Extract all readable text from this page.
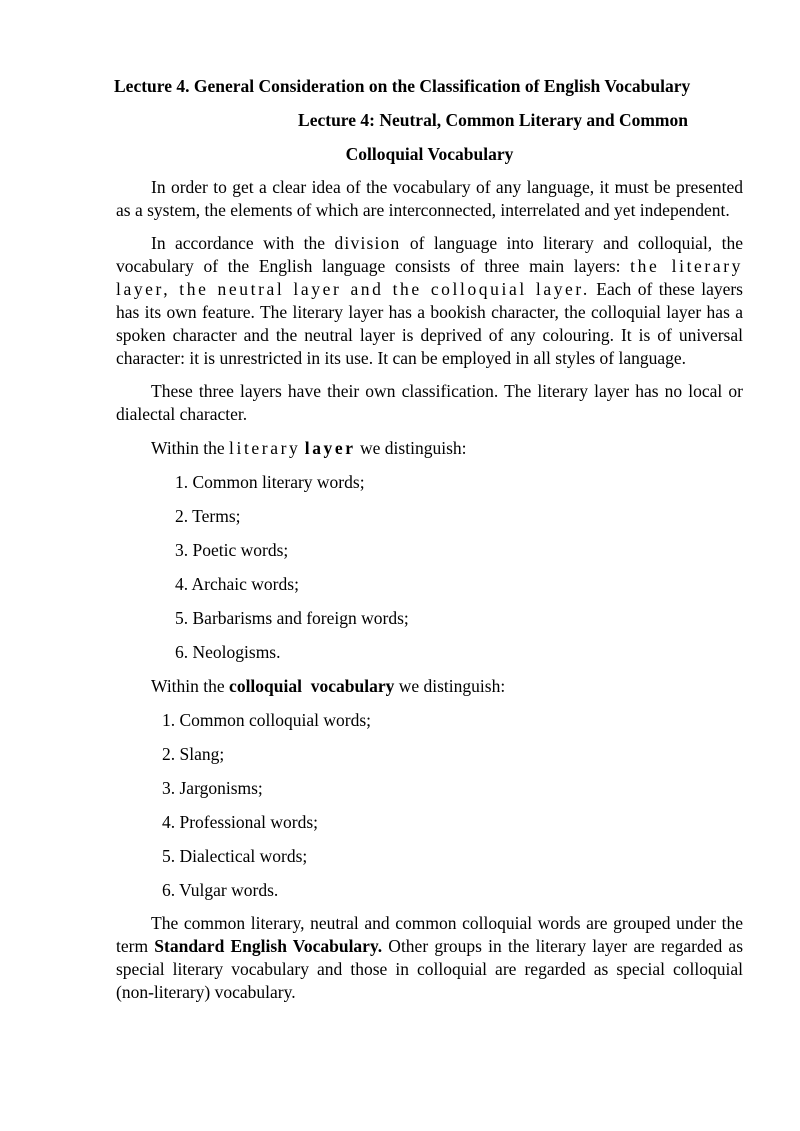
Lecture 4. General Consideration on the Classification of English Vocabulary

Lecture 4: Neutral, Common Literary and Common

Colloquial Vocabulary

In order to get a clear idea of the vocabulary of any language, it must be presented as a system, the elements of which are interconnected, interrelated and yet independent.

In accordance with the division of language into literary and colloquial, the vocabulary of the English language consists of three main layers: the literary layer, the neutral layer and the colloquial layer. Each of these layers has its own feature. The literary layer has a bookish character, the colloquial layer has a spoken character and the neutral layer is deprived of any colouring. It is of universal character: it is unrestricted in its use. It can be employed in all styles of language.

These three layers have their own classification. The literary layer has no local or dialectal character.

Within the literary layer we distinguish:

1. Common literary words;

2. Terms;

3. Poetic words;

4. Archaic words;

5. Barbarisms and foreign words;

6. Neologisms.

Within the colloquial  vocabulary we distinguish:

1. Common colloquial words;

2. Slang;

3. Jargonisms;

4. Professional words;

5. Dialectical words;

6. Vulgar words.

The common literary, neutral and common colloquial words are grouped under the term Standard English Vocabulary. Other groups in the literary layer are regarded as special literary vocabulary and those in colloquial are regarded as special colloquial (non-literary) vocabulary.
